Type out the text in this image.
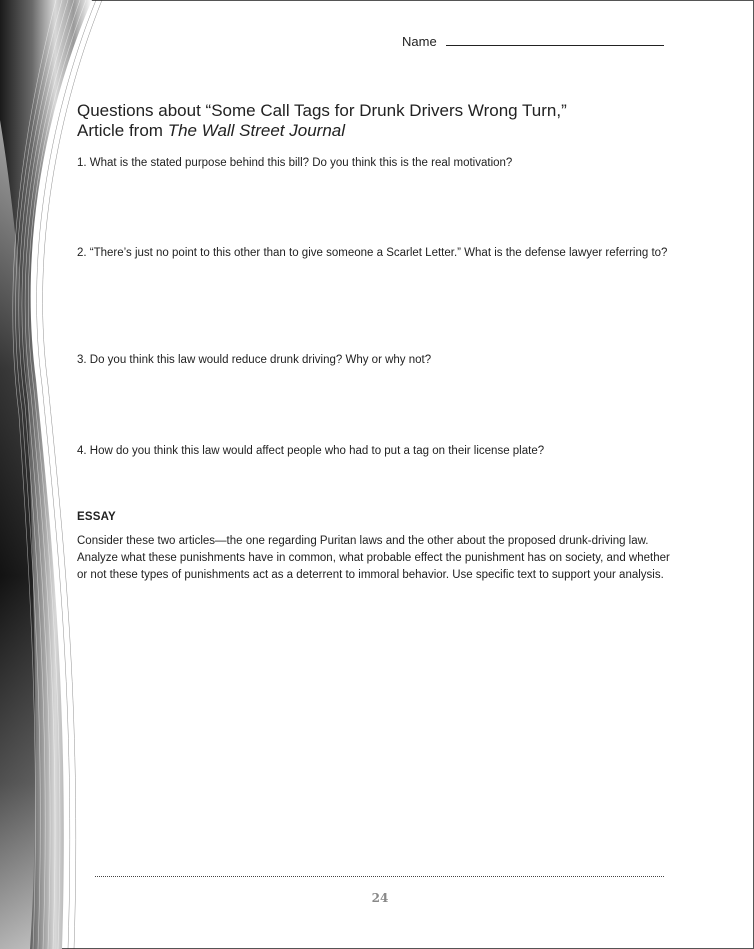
Name
Questions about “Some Call Tags for Drunk Drivers Wrong Turn,”
Article from The Wall Street Journal
1. What is the stated purpose behind this bill? Do you think this is the real motivation?
2. “There’s just no point to this other than to give someone a Scarlet Letter.” What is the defense lawyer referring to?
3. Do you think this law would reduce drunk driving? Why or why not?
4. How do you think this law would affect people who had to put a tag on their license plate?
ESSAY
Consider these two articles—the one regarding Puritan laws and the other about the proposed drunk-driving law. Analyze what these punishments have in common, what probable effect the punishment has on society, and whether or not these types of punishments act as a deterrent to immoral behavior. Use specific text to support your analysis.
24
